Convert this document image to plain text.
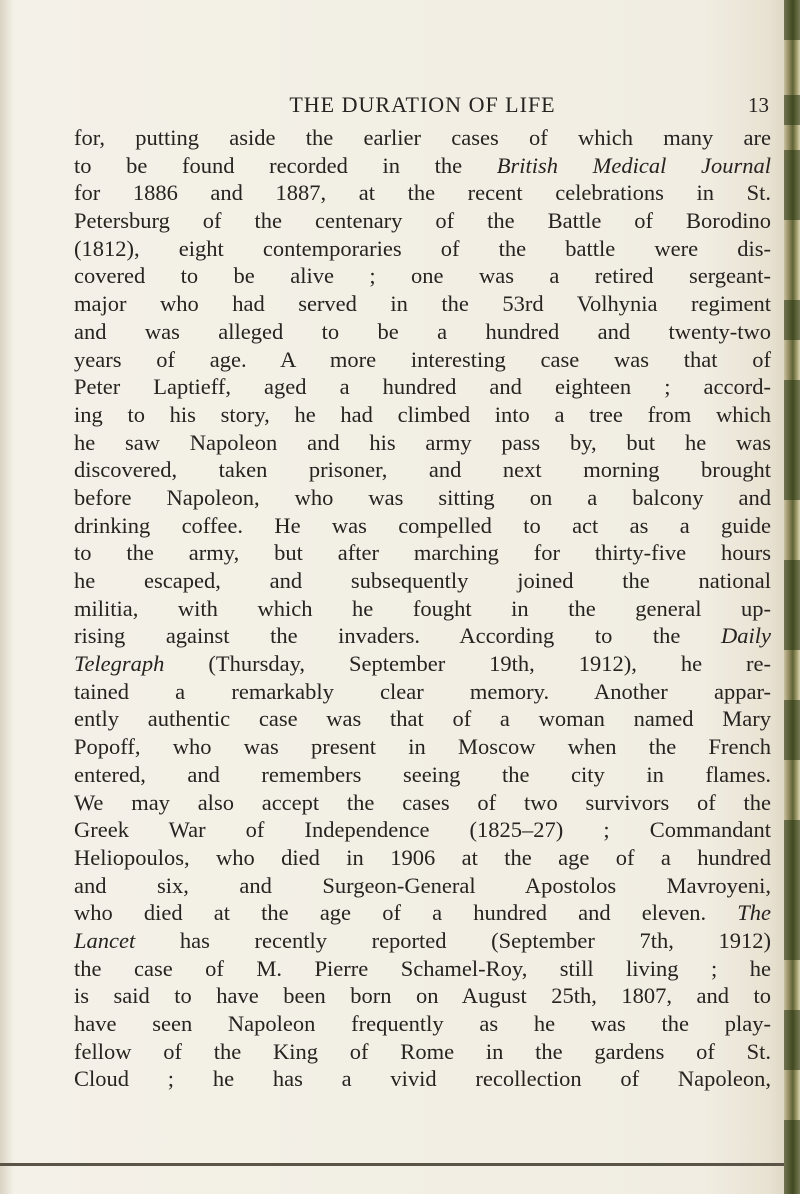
THE DURATION OF LIFE	13
for, putting aside the earlier cases of which many are
to be found recorded in the British Medical Journal
for 1886 and 1887, at the recent celebrations in St.
Petersburg of the centenary of the Battle of Borodino
(1812), eight contemporaries of the battle were dis-
covered to be alive ; one was a retired sergeant-
major who had served in the 53rd Volhynia regiment
and was alleged to be a hundred and twenty-two
years of age. A more interesting case was that of
Peter Laptieff, aged a hundred and eighteen ; accord-
ing to his story, he had climbed into a tree from which
he saw Napoleon and his army pass by, but he was
discovered, taken prisoner, and next morning brought
before Napoleon, who was sitting on a balcony and
drinking coffee. He was compelled to act as a guide
to the army, but after marching for thirty-five hours
he escaped, and subsequently joined the national
militia, with which he fought in the general up-
rising against the invaders. According to the Daily
Telegraph (Thursday, September 19th, 1912), he re-
tained a remarkably clear memory. Another appar-
ently authentic case was that of a woman named Mary
Popoff, who was present in Moscow when the French
entered, and remembers seeing the city in flames.
We may also accept the cases of two survivors of the
Greek War of Independence (1825–27) ; Commandant
Heliopoulos, who died in 1906 at the age of a hundred
and six, and Surgeon-General Apostolos Mavroyeni,
who died at the age of a hundred and eleven. The
Lancet has recently reported (September 7th, 1912)
the case of M. Pierre Schamel-Roy, still living ; he
is said to have been born on August 25th, 1807, and to
have seen Napoleon frequently as he was the play-
fellow of the King of Rome in the gardens of St.
Cloud ; he has a vivid recollection of Napoleon,
